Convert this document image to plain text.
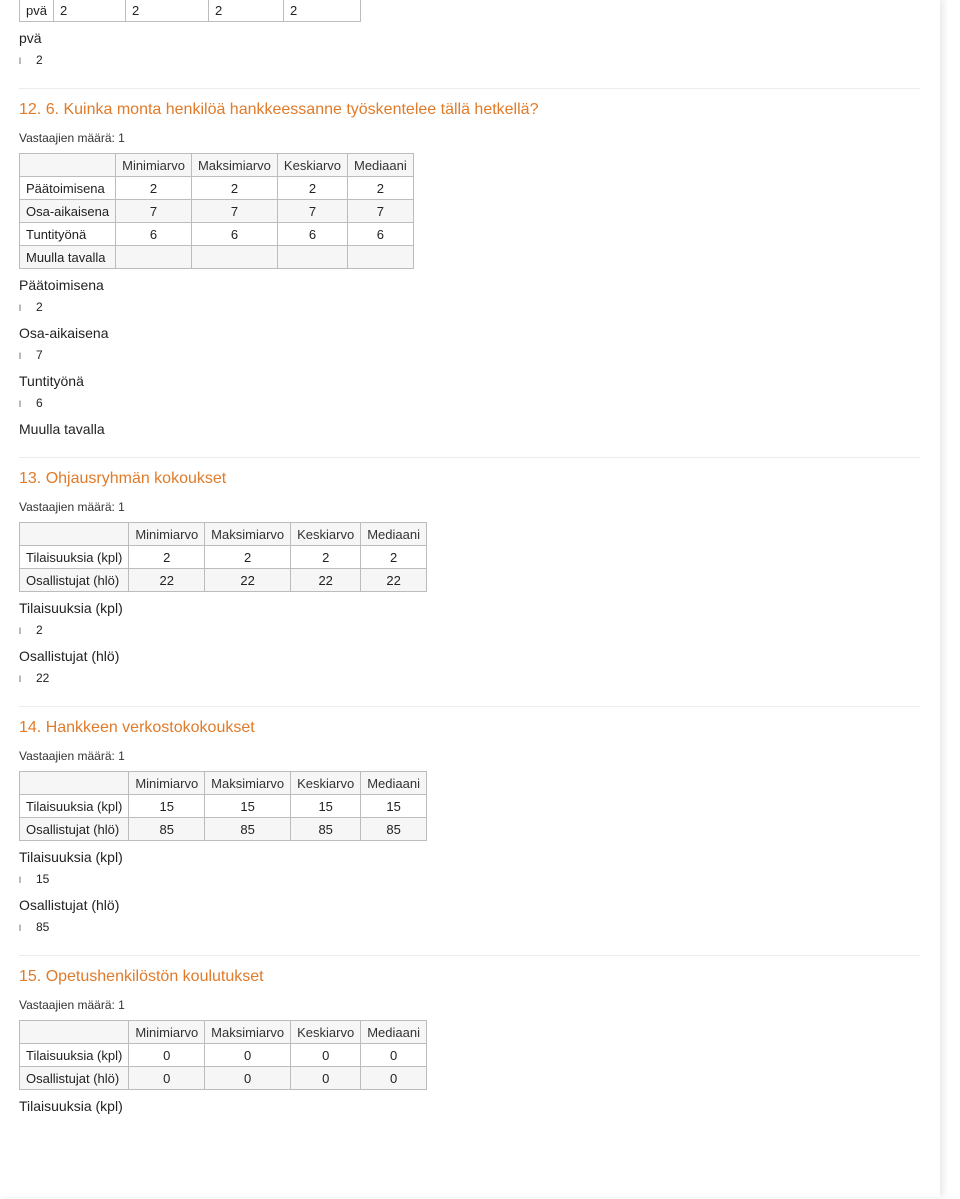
pvä	2	2	2	2
pvä
l 2
12. 6. Kuinka monta henkilöä hankkeessanne työskentelee tällä hetkellä?
Vastaajien määrä: 1
	Minimiarvo	Maksimiarvo	Keskiarvo	Mediaani
Päätoimisena	2	2	2	2
Osa-aikaisena	7	7	7	7
Tuntityönä	6	6	6	6
Muulla tavalla				
Päätoimisena
l 2
Osa-aikaisena
l 7
Tuntityönä
l 6
Muulla tavalla
13. Ohjausryhmän kokoukset
Vastaajien määrä: 1
	Minimiarvo	Maksimiarvo	Keskiarvo	Mediaani
Tilaisuuksia (kpl)	2	2	2	2
Osallistujat (hlö)	22	22	22	22
Tilaisuuksia (kpl)
l 2
Osallistujat (hlö)
l 22
14. Hankkeen verkostokokoukset
Vastaajien määrä: 1
	Minimiarvo	Maksimiarvo	Keskiarvo	Mediaani
Tilaisuuksia (kpl)	15	15	15	15
Osallistujat (hlö)	85	85	85	85
Tilaisuuksia (kpl)
l 15
Osallistujat (hlö)
l 85
15. Opetushenkilöstön koulutukset
Vastaajien määrä: 1
	Minimiarvo	Maksimiarvo	Keskiarvo	Mediaani
Tilaisuuksia (kpl)	0	0	0	0
Osallistujat (hlö)	0	0	0	0
Tilaisuuksia (kpl)
